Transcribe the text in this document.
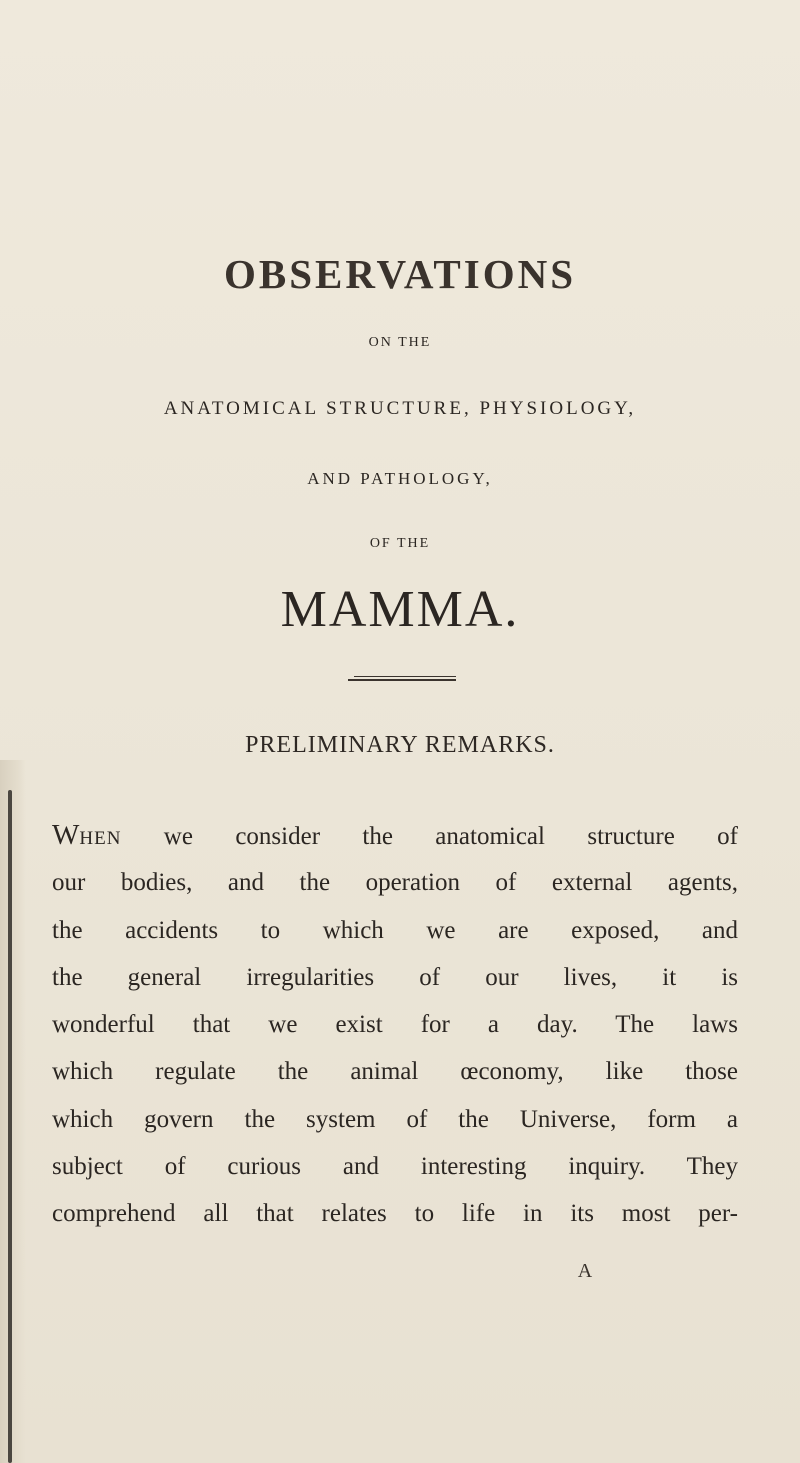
OBSERVATIONS
ON THE
ANATOMICAL STRUCTURE, PHYSIOLOGY,
AND PATHOLOGY,
OF THE
MAMMA.
PRELIMINARY REMARKS.
WHEN we consider the anatomical structure of
our bodies, and the operation of external agents,
the accidents to which we are exposed, and
the general irregularities of our lives, it is
wonderful that we exist for a day. The laws
which regulate the animal œconomy, like those
which govern the system of the Universe, form a
subject of curious and interesting inquiry. They
comprehend all that relates to life in its most per-
A
